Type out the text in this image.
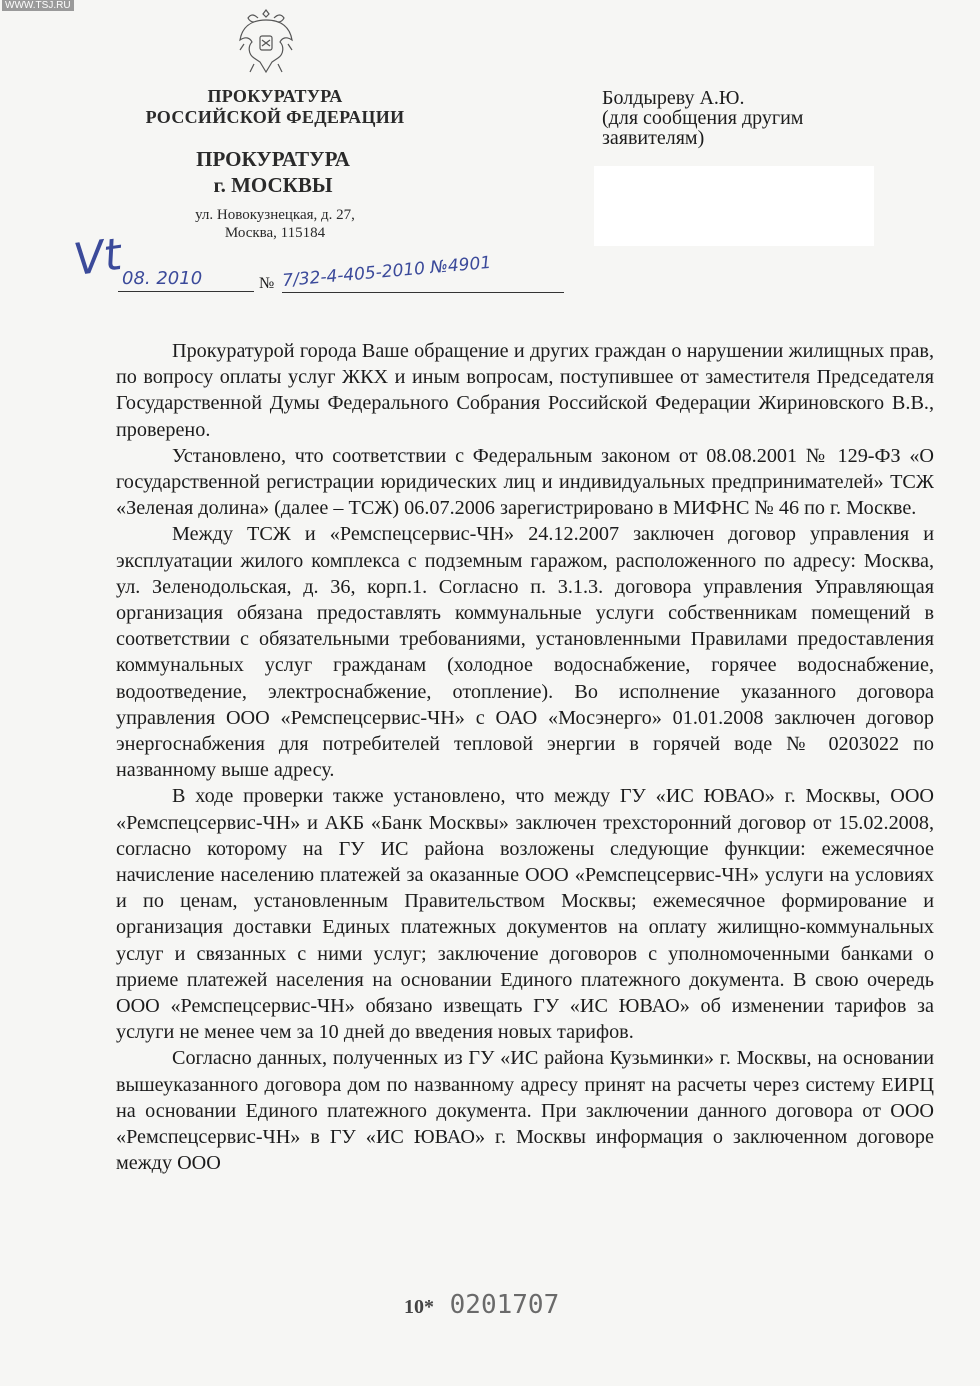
WWW.TSJ.RU
ПРОКУРАТУРА
РОССИЙСКОЙ ФЕДЕРАЦИИ
ПРОКУРАТУРА
г. МОСКВЫ
ул. Новокузнецкая, д. 27,
Москва, 115184
Болдыреву А.Ю.
(для сообщения другим
заявителям)
Vt
08. 2010	№ 7/32-4-405-2010 №4901

Прокуратурой города Ваше обращение и других граждан о нарушении жилищных прав, по вопросу оплаты услуг ЖКХ и иным вопросам, поступившее от заместителя Председателя Государственной Думы Федерального Собрания Российской Федерации Жириновского В.В., проверено.

Установлено, что соответствии с Федеральным законом от 08.08.2001 № 129-ФЗ «О государственной регистрации юридических лиц и индивидуальных предпринимателей» ТСЖ «Зеленая долина» (далее – ТСЖ) 06.07.2006 зарегистрировано в МИФНС № 46 по г. Москве.

Между ТСЖ и «Ремспецсервис-ЧН» 24.12.2007 заключен договор управления и эксплуатации жилого комплекса с подземным гаражом, расположенного по адресу: Москва, ул. Зеленодольская, д. 36, корп.1. Согласно п. 3.1.3. договора управления Управляющая организация обязана предоставлять коммунальные услуги собственникам помещений в соответствии с обязательными требованиями, установленными Правилами предоставления коммунальных услуг гражданам (холодное водоснабжение, горячее водоснабжение, водоотведение, электроснабжение, отопление). Во исполнение указанного договора управления ООО «Ремспецсервис-ЧН» с ОАО «Мосэнерго» 01.01.2008 заключен договор энергоснабжения для потребителей тепловой энергии в горячей воде № 0203022 по названному выше адресу.

В ходе проверки также установлено, что между ГУ «ИС ЮВАО» г. Москвы, ООО «Ремспецсервис-ЧН» и АКБ «Банк Москвы» заключен трехсторонний договор от 15.02.2008, согласно которому на ГУ ИС района возложены следующие функции: ежемесячное начисление населению платежей за оказанные ООО «Ремспецсервис-ЧН» услуги на условиях и по ценам, установленным Правительством Москвы; ежемесячное формирование и организация доставки Единых платежных документов на оплату жилищно-коммунальных услуг и связанных с ними услуг; заключение договоров с уполномоченными банками о приеме платежей населения на основании Единого платежного документа. В свою очередь ООО «Ремспецсервис-ЧН» обязано извещать ГУ «ИС ЮВАО» об изменении тарифов за услуги не менее чем за 10 дней до введения новых тарифов.

Согласно данных, полученных из ГУ «ИС района Кузьминки» г. Москвы, на основании вышеуказанного договора дом по названному адресу принят на расчеты через систему ЕИРЦ на основании Единого платежного документа. При заключении данного договора от ООО «Ремспецсервис-ЧН» в ГУ «ИС ЮВАО» г. Москвы информация о заключенном договоре между ООО

10* 0201707
